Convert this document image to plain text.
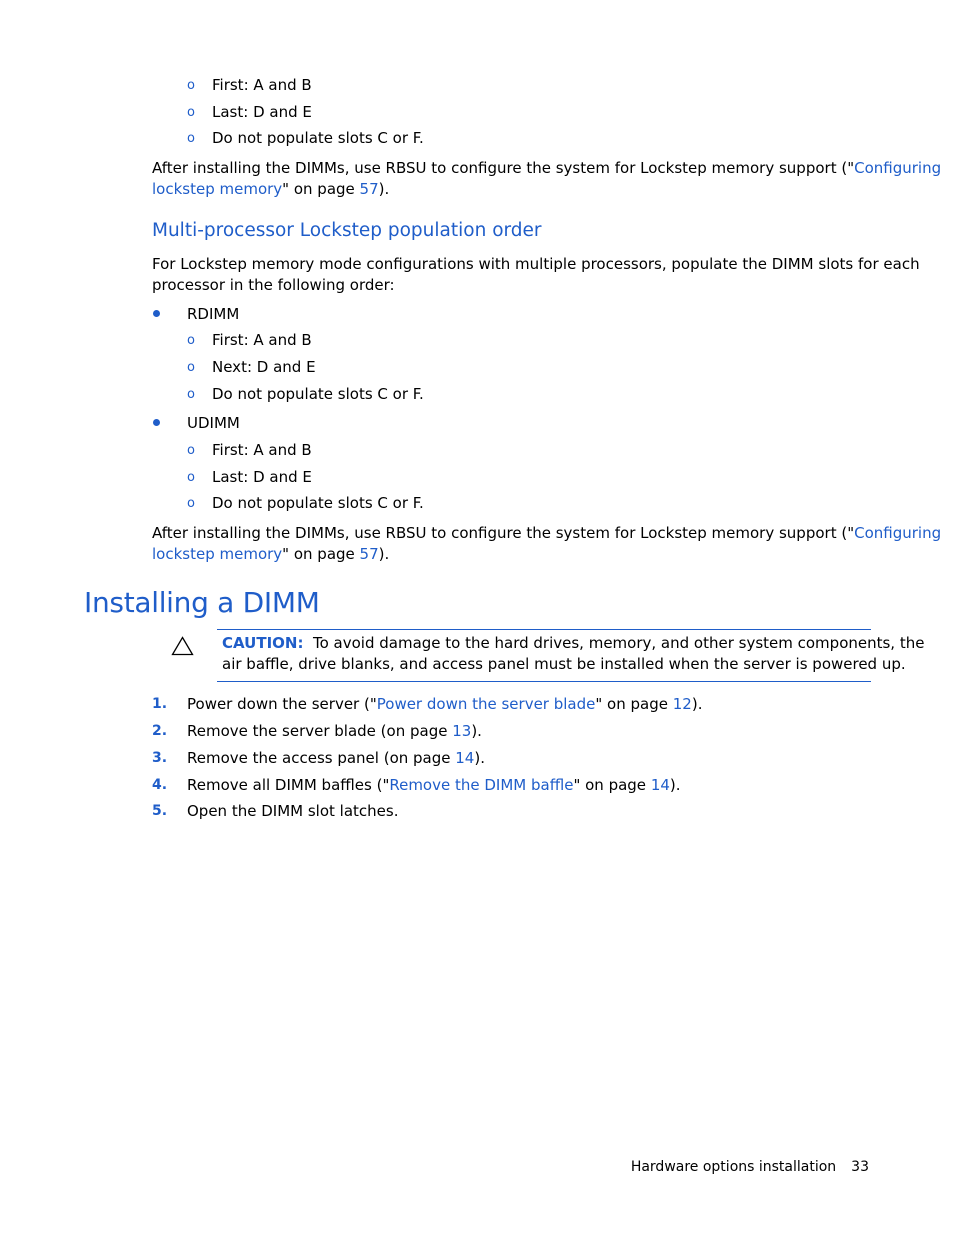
o First: A and B
o Last: D and E
o Do not populate slots C or F.
After installing the DIMMs, use RBSU to configure the system for Lockstep memory support ("Configuring
lockstep memory" on page 57).
Multi-processor Lockstep population order
For Lockstep memory mode configurations with multiple processors, populate the DIMM slots for each
processor in the following order:
RDIMM
o First: A and B
o Next: D and E
o Do not populate slots C or F.
UDIMM
o First: A and B
o Last: D and E
o Do not populate slots C or F.
After installing the DIMMs, use RBSU to configure the system for Lockstep memory support ("Configuring
lockstep memory" on page 57).
Installing a DIMM
CAUTION: To avoid damage to the hard drives, memory, and other system components, the
air baffle, drive blanks, and access panel must be installed when the server is powered up.
1. Power down the server ("Power down the server blade" on page 12).
2. Remove the server blade (on page 13).
3. Remove the access panel (on page 14).
4. Remove all DIMM baffles ("Remove the DIMM baffle" on page 14).
5. Open the DIMM slot latches.
Hardware options installation 33
